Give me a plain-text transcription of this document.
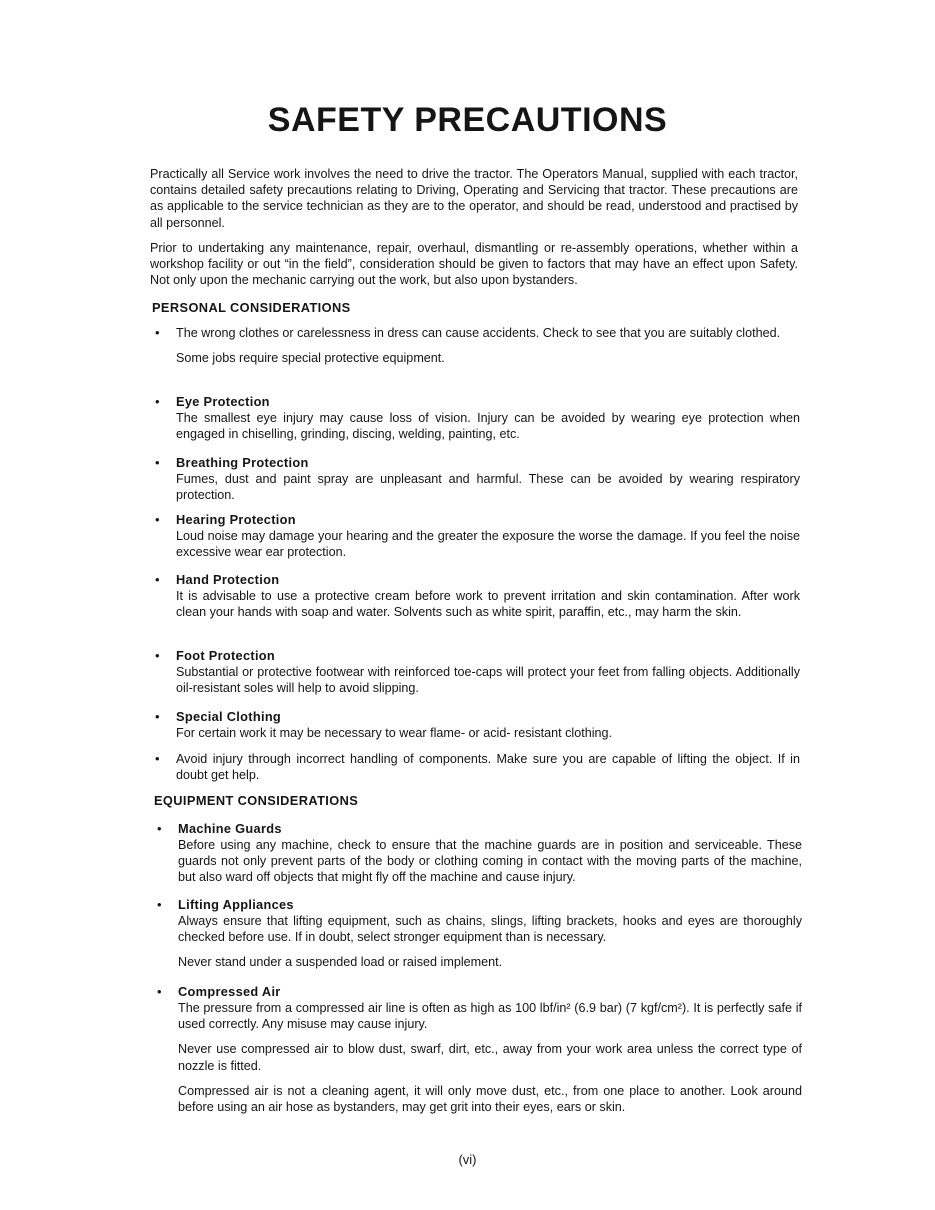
SAFETY PRECAUTIONS

Practically all Service work involves the need to drive the tractor. The Operators Manual, supplied with each tractor, contains detailed safety precautions relating to Driving, Operating and Servicing that tractor. These precautions are as applicable to the service technician as they are to the operator, and should be read, understood and practised by all personnel.

Prior to undertaking any maintenance, repair, overhaul, dismantling or re-assembly operations, whether within a workshop facility or out “in the field”, consideration should be given to factors that may have an effect upon Safety. Not only upon the mechanic carrying out the work, but also upon bystanders.

PERSONAL CONSIDERATIONS
•	The wrong clothes or carelessness in dress can cause accidents. Check to see that you are suitably clothed.

Some jobs require special protective equipment.

•	Eye Protection

The smallest eye injury may cause loss of vision. Injury can be avoided by wearing eye protection when engaged in chiselling, grinding, discing, welding, painting, etc.

•	Breathing Protection

Fumes, dust and paint spray are unpleasant and harmful. These can be avoided by wearing respiratory protection.

•	Hearing Protection

Loud noise may damage your hearing and the greater the exposure the worse the damage. If you feel the noise excessive wear ear protection.

•	Hand Protection

It is advisable to use a protective cream before work to prevent irritation and skin contamination. After work clean your hands with soap and water. Solvents such as white spirit, paraffin, etc., may harm the skin.

•	Foot Protection

Substantial or protective footwear with reinforced toe-caps will protect your feet from falling objects. Additionally oil-resistant soles will help to avoid slipping.

•	Special Clothing

For certain work it may be necessary to wear flame- or acid- resistant clothing.

•	Avoid injury through incorrect handling of components. Make sure you are capable of lifting the object. If in doubt get help.

EQUIPMENT CONSIDERATIONS
•	Machine Guards

Before using any machine, check to ensure that the machine guards are in position and serviceable. These guards not only prevent parts of the body or clothing coming in contact with the moving parts of the machine, but also ward off objects that might fly off the machine and cause injury.

•	Lifting Appliances

Always ensure that lifting equipment, such as chains, slings, lifting brackets, hooks and eyes are thoroughly checked before use. If in doubt, select stronger equipment than is necessary.

Never stand under a suspended load or raised implement.

•	Compressed Air

The pressure from a compressed air line is often as high as 100 lbf/in² (6.9 bar) (7 kgf/cm²). It is perfectly safe if used correctly. Any misuse may cause injury.

Never use compressed air to blow dust, swarf, dirt, etc., away from your work area unless the correct type of nozzle is fitted.

Compressed air is not a cleaning agent, it will only move dust, etc., from one place to another. Look around before using an air hose as bystanders, may get grit into their eyes, ears or skin.

(vi)
